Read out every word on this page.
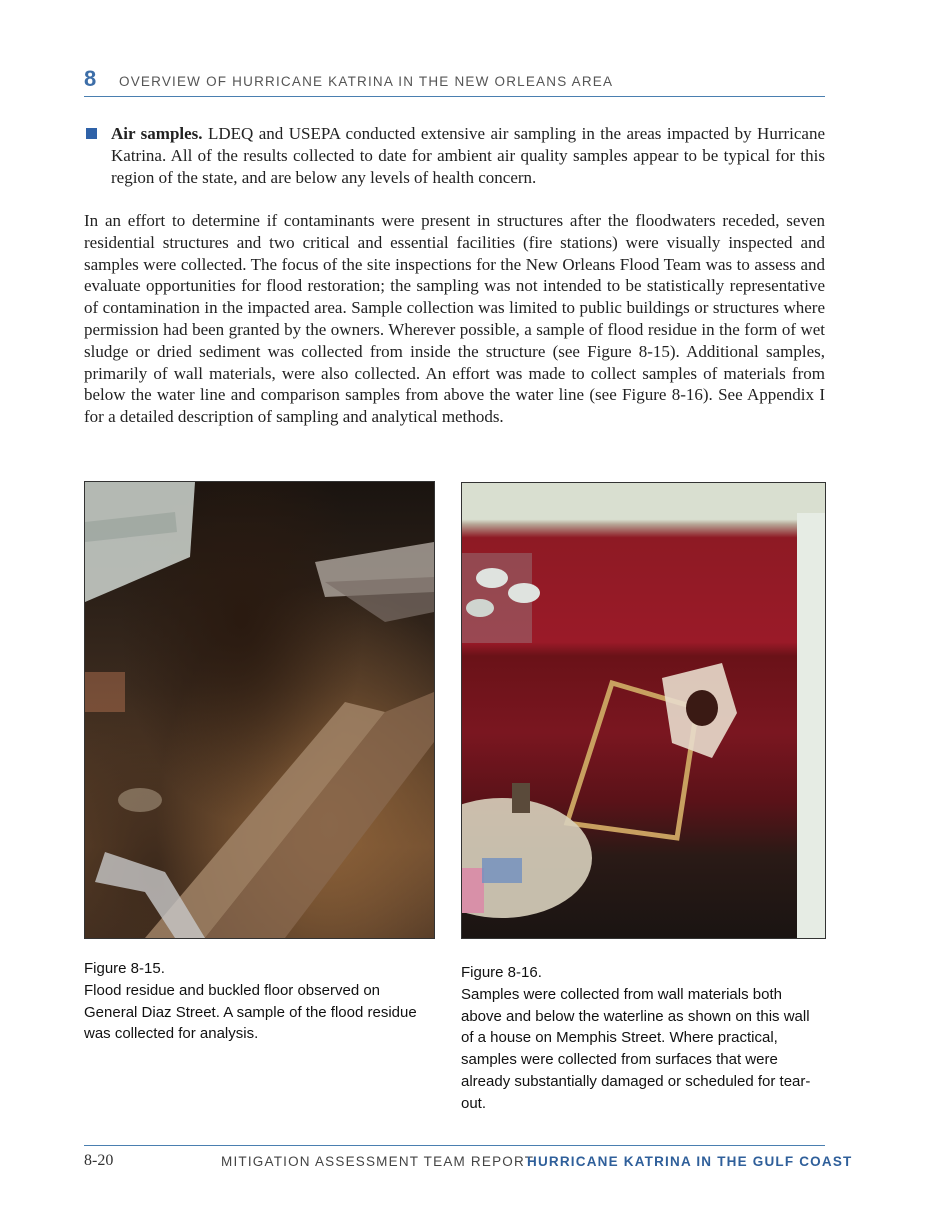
8 OVERVIEW OF HURRICANE KATRINA IN THE NEW ORLEANS AREA
Air samples. LDEQ and USEPA conducted extensive air sampling in the areas impacted by Hurricane Katrina. All of the results collected to date for ambient air quality samples appear to be typical for this region of the state, and are below any levels of health concern.
In an effort to determine if contaminants were present in structures after the floodwaters receded, seven residential structures and two critical and essential facilities (fire stations) were visually inspected and samples were collected. The focus of the site inspections for the New Orleans Flood Team was to assess and evaluate opportunities for flood restoration; the sampling was not intended to be statistically representative of contamination in the impacted area. Sample collection was limited to public buildings or structures where permission had been granted by the owners. Wherever possible, a sample of flood residue in the form of wet sludge or dried sediment was collected from inside the structure (see Figure 8-15). Additional samples, primarily of wall materials, were also collected. An effort was made to collect samples of materials from below the water line and comparison samples from above the water line (see Figure 8-16). See Appendix I for a detailed description of sampling and analytical methods.
Figure 8-15.
Flood residue and buckled floor observed on General Diaz Street. A sample of the flood residue was collected for analysis.
Figure 8-16.
Samples were collected from wall materials both above and below the waterline as shown on this wall of a house on Memphis Street. Where practical, samples were collected from surfaces that were already substantially damaged or scheduled for tear-out.
8-20	MITIGATION ASSESSMENT TEAM REPORT
HURRICANE KATRINA IN THE GULF COAST
